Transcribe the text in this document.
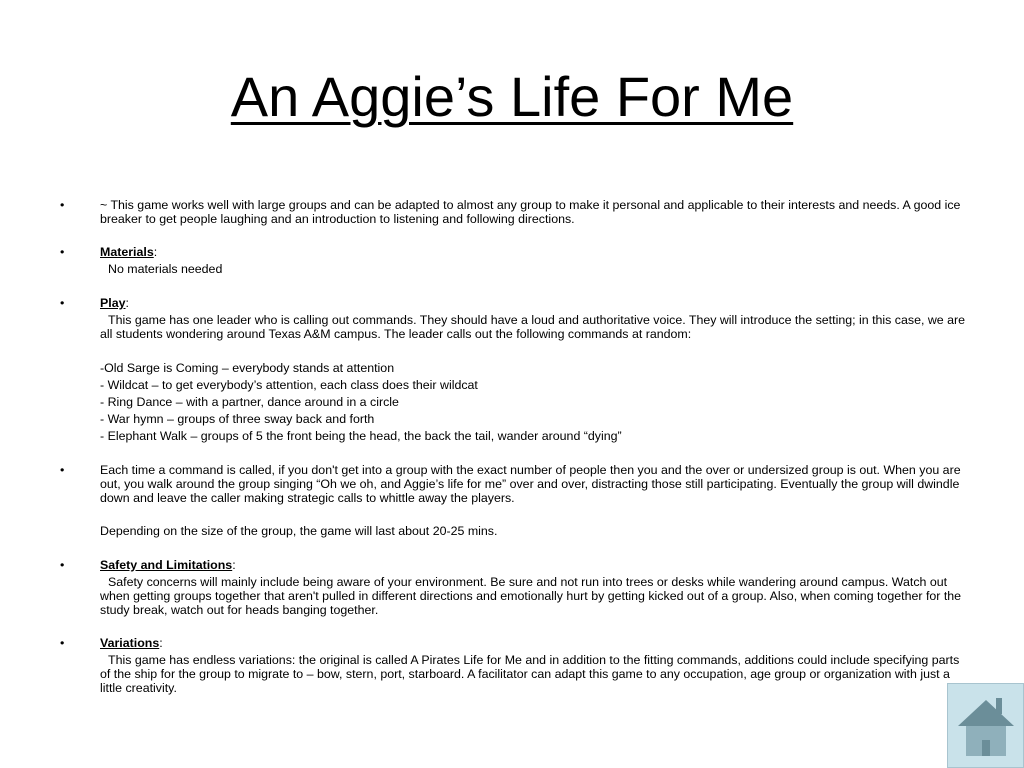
An Aggie’s Life For Me
•	~ This game works well with large groups and can be adapted to almost any group to make it personal and applicable to their interests and needs. A good ice breaker to get people laughing and an introduction to listening and following directions.

•	Materials:

No materials needed

•	Play:

This game has one leader who is calling out commands. They should have a loud and authoritative voice. They will introduce the setting; in this case, we are all students wondering around Texas A&M campus. The leader calls out the following commands at random:

-Old Sarge is Coming – everybody stands at attention
- Wildcat – to get everybody’s attention, each class does their wildcat
- Ring Dance – with a partner, dance around in a circle
- War hymn – groups of three sway back and forth
- Elephant Walk – groups of 5 the front being the head, the back the tail, wander around “dying”
•	Each time a command is called, if you don't get into a group with the exact number of people then you and the over or undersized group is out. When you are out, you walk around the group singing “Oh we oh, and Aggie’s life for me” over and over, distracting those still participating. Eventually the group will dwindle down and leave the caller making strategic calls to whittle away the players.

Depending on the size of the group, the game will last about 20-25 mins.

•	Safety and Limitations:

Safety concerns will mainly include being aware of your environment. Be sure and not run into trees or desks while wandering around campus. Watch out when getting groups together that aren't pulled in different directions and emotionally hurt by getting kicked out of a group. Also, when coming together for the study break, watch out for heads banging together.

•	Variations:

This game has endless variations: the original is called A Pirates Life for Me and in addition to the fitting commands, additions could include specifying parts of the ship for the group to migrate to – bow, stern, port, starboard. A facilitator can adapt this game to any occupation, age group or organization with just a little creativity.
